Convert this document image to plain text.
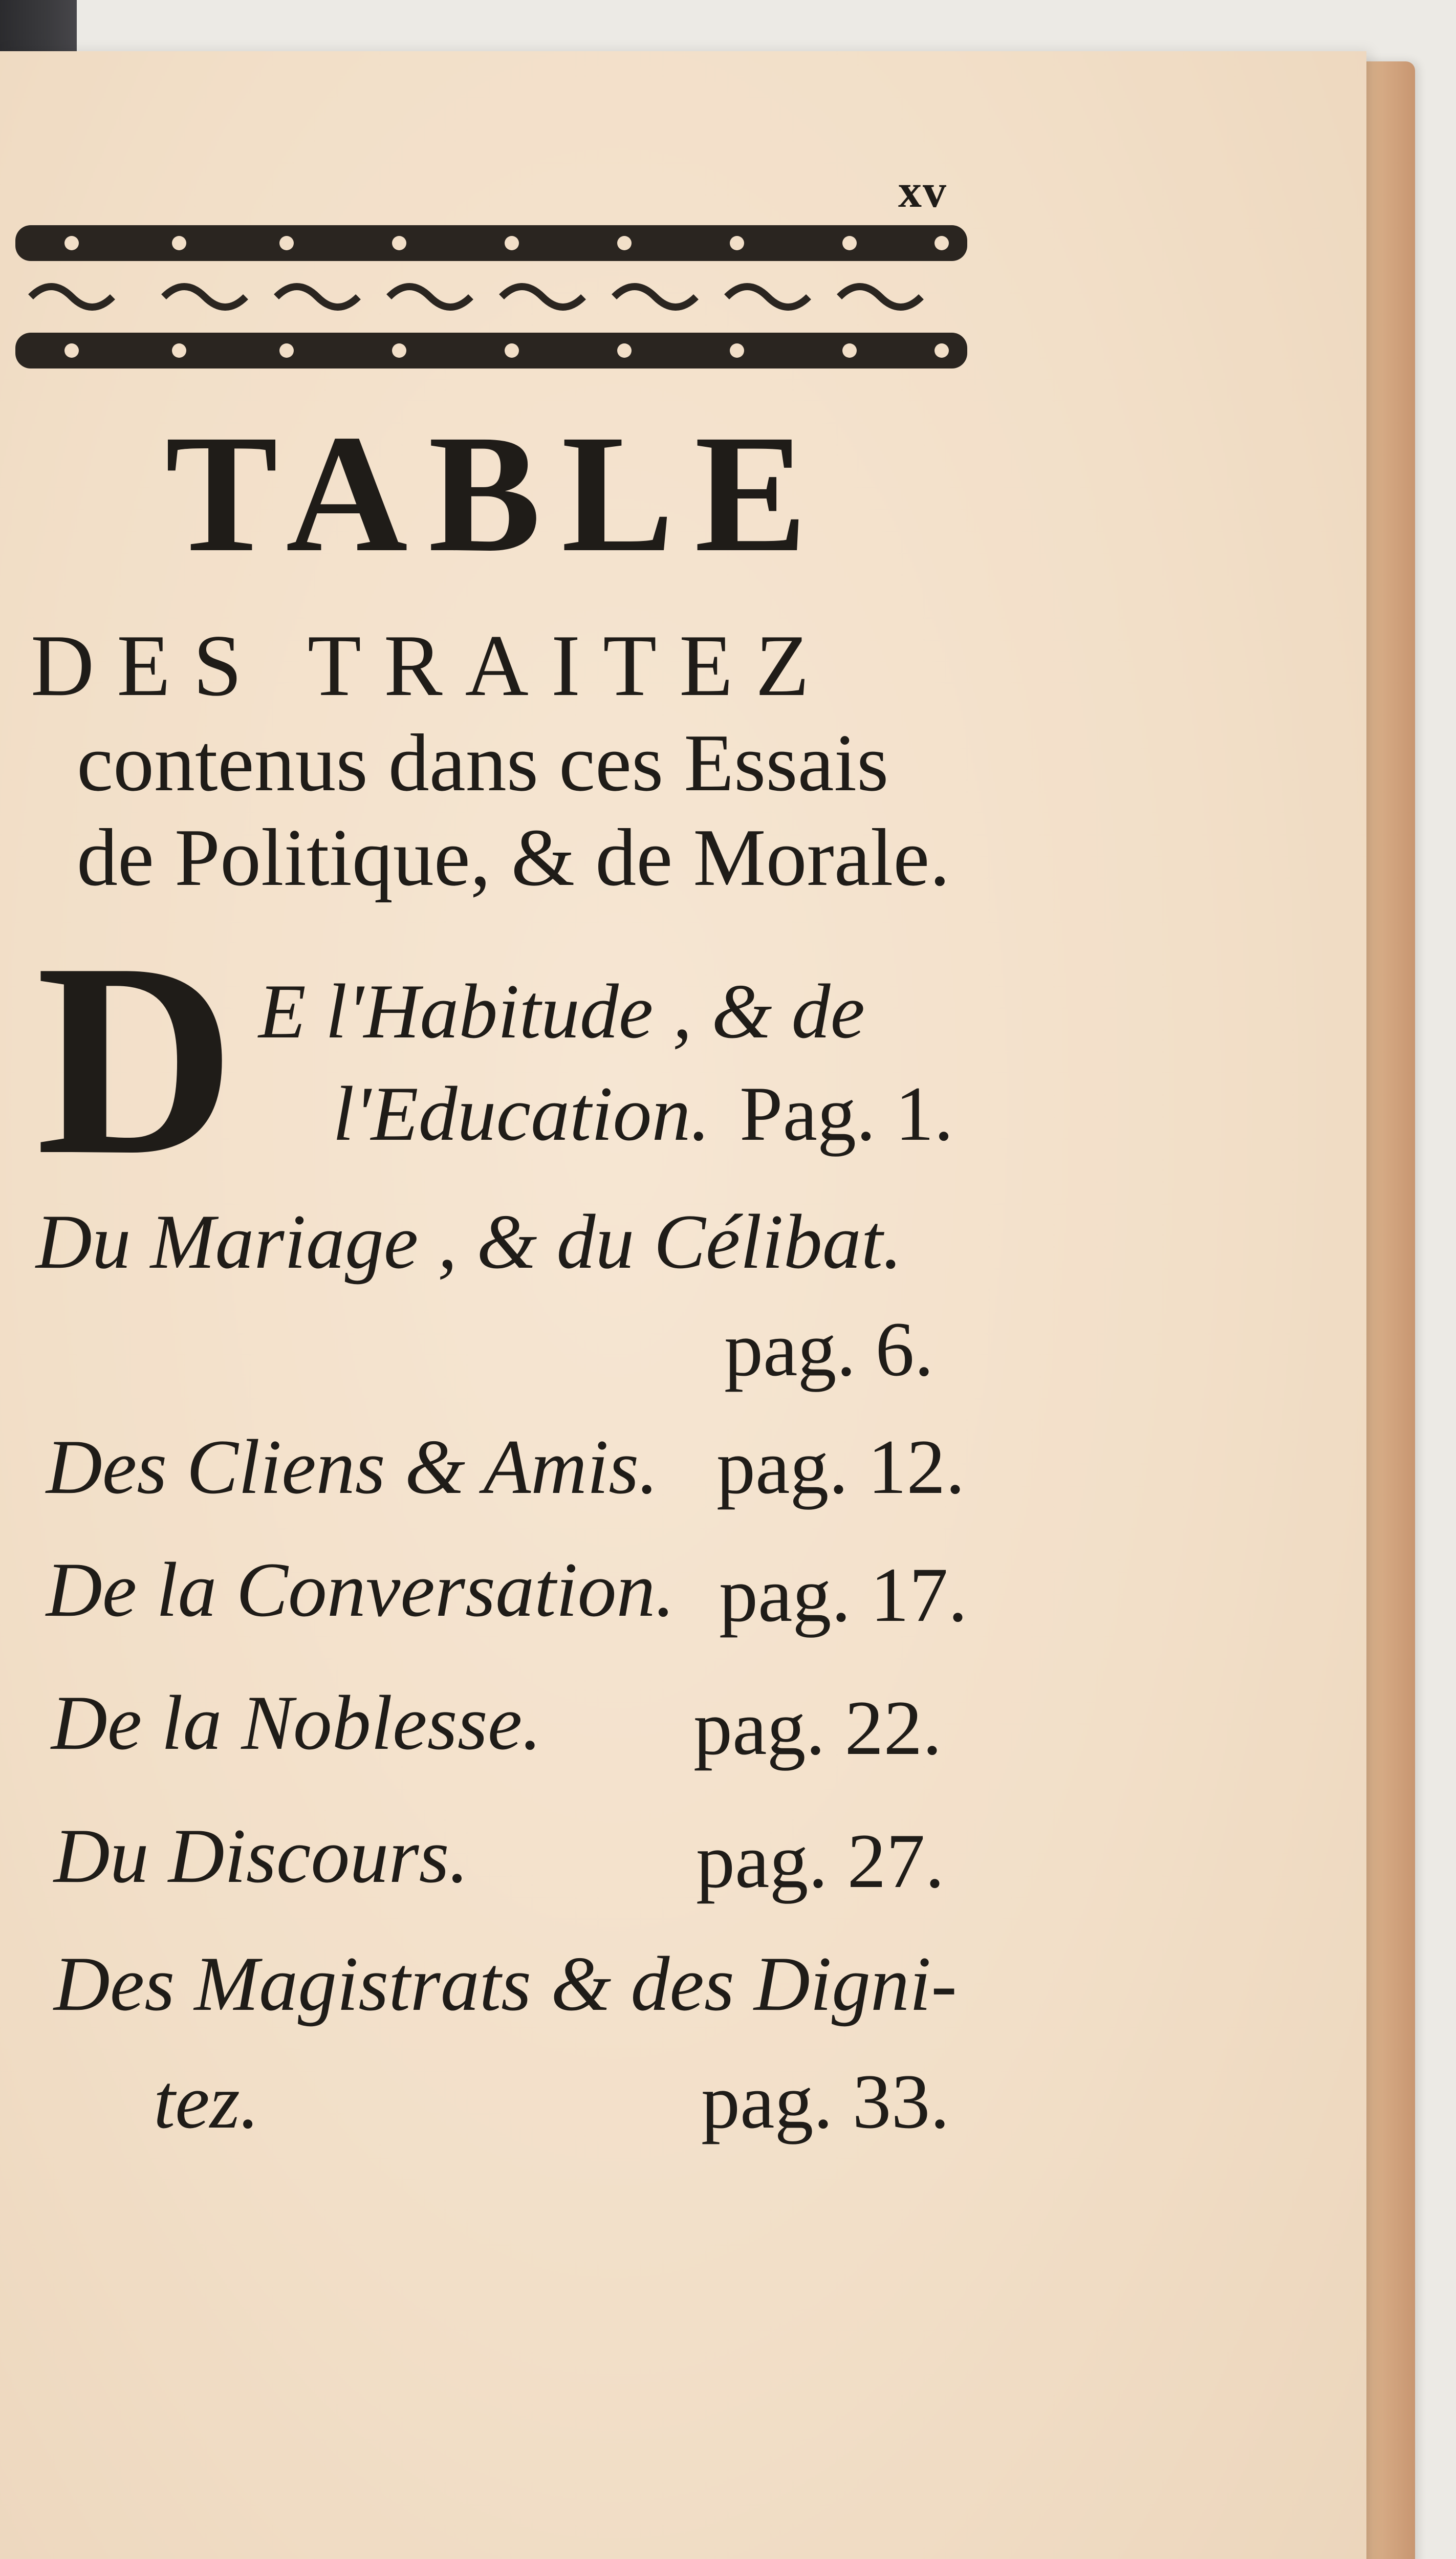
xv
TABLE
DES TRAITEZ
contenus dans ces Essais
de Politique, & de Morale.
D E l'Habitude , & de
l'Education. Pag. 1.
Du Mariage , & du Célibat.
pag. 6.
Des Cliens & Amis. pag. 12.
De la Conversation. pag. 17.
De la Noblesse. pag. 22.
Du Discours.	pag. 27.
Des Magistrats & des Digni-
tez.	pag. 33.
